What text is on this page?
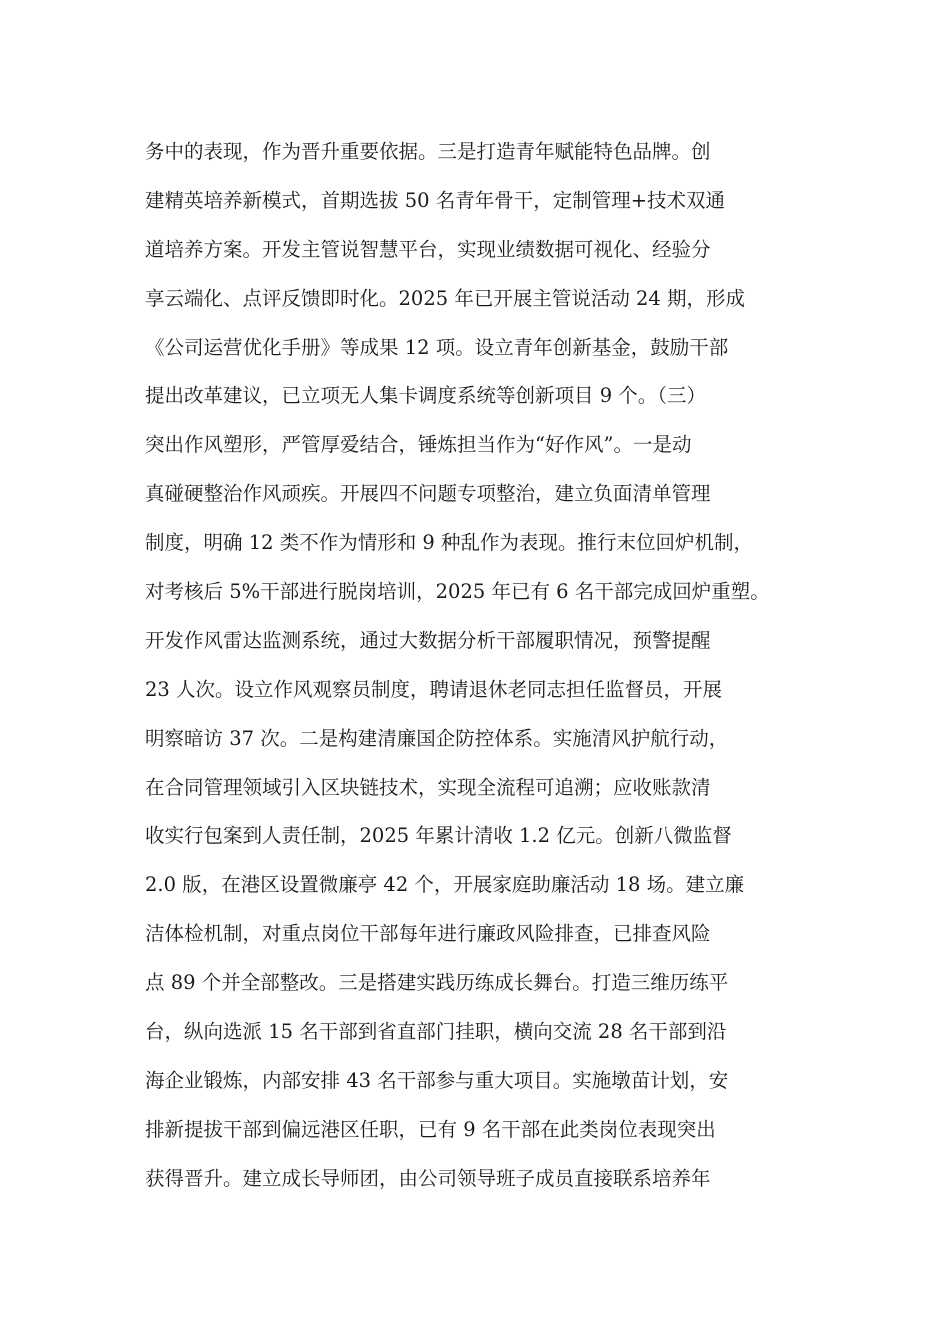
务中的表现，作为晋升重要依据。三是打造青年赋能特色品牌。创
建精英培养新模式，首期选拔 50 名青年骨干，定制管理+技术双通
道培养方案。开发主管说智慧平台，实现业绩数据可视化、经验分
享云端化、点评反馈即时化。2025 年已开展主管说活动 24 期，形成
《公司运营优化手册》等成果 12 项。设立青年创新基金，鼓励干部
提出改革建议，已立项无人集卡调度系统等创新项目 9 个。（三）
突出作风塑形，严管厚爱结合，锤炼担当作为“好作风”。一是动
真碰硬整治作风顽疾。开展四不问题专项整治，建立负面清单管理
制度，明确 12 类不作为情形和 9 种乱作为表现。推行末位回炉机制，
对考核后 5%干部进行脱岗培训，2025 年已有 6 名干部完成回炉重塑。
开发作风雷达监测系统，通过大数据分析干部履职情况，预警提醒
23 人次。设立作风观察员制度，聘请退休老同志担任监督员，开展
明察暗访 37 次。二是构建清廉国企防控体系。实施清风护航行动，
在合同管理领域引入区块链技术，实现全流程可追溯；应收账款清
收实行包案到人责任制，2025 年累计清收 1.2 亿元。创新八微监督
2.0 版，在港区设置微廉亭 42 个，开展家庭助廉活动 18 场。建立廉
洁体检机制，对重点岗位干部每年进行廉政风险排查，已排查风险
点 89 个并全部整改。三是搭建实践历练成长舞台。打造三维历练平
台，纵向选派 15 名干部到省直部门挂职，横向交流 28 名干部到沿
海企业锻炼，内部安排 43 名干部参与重大项目。实施墩苗计划，安
排新提拔干部到偏远港区任职，已有 9 名干部在此类岗位表现突出
获得晋升。建立成长导师团，由公司领导班子成员直接联系培养年
